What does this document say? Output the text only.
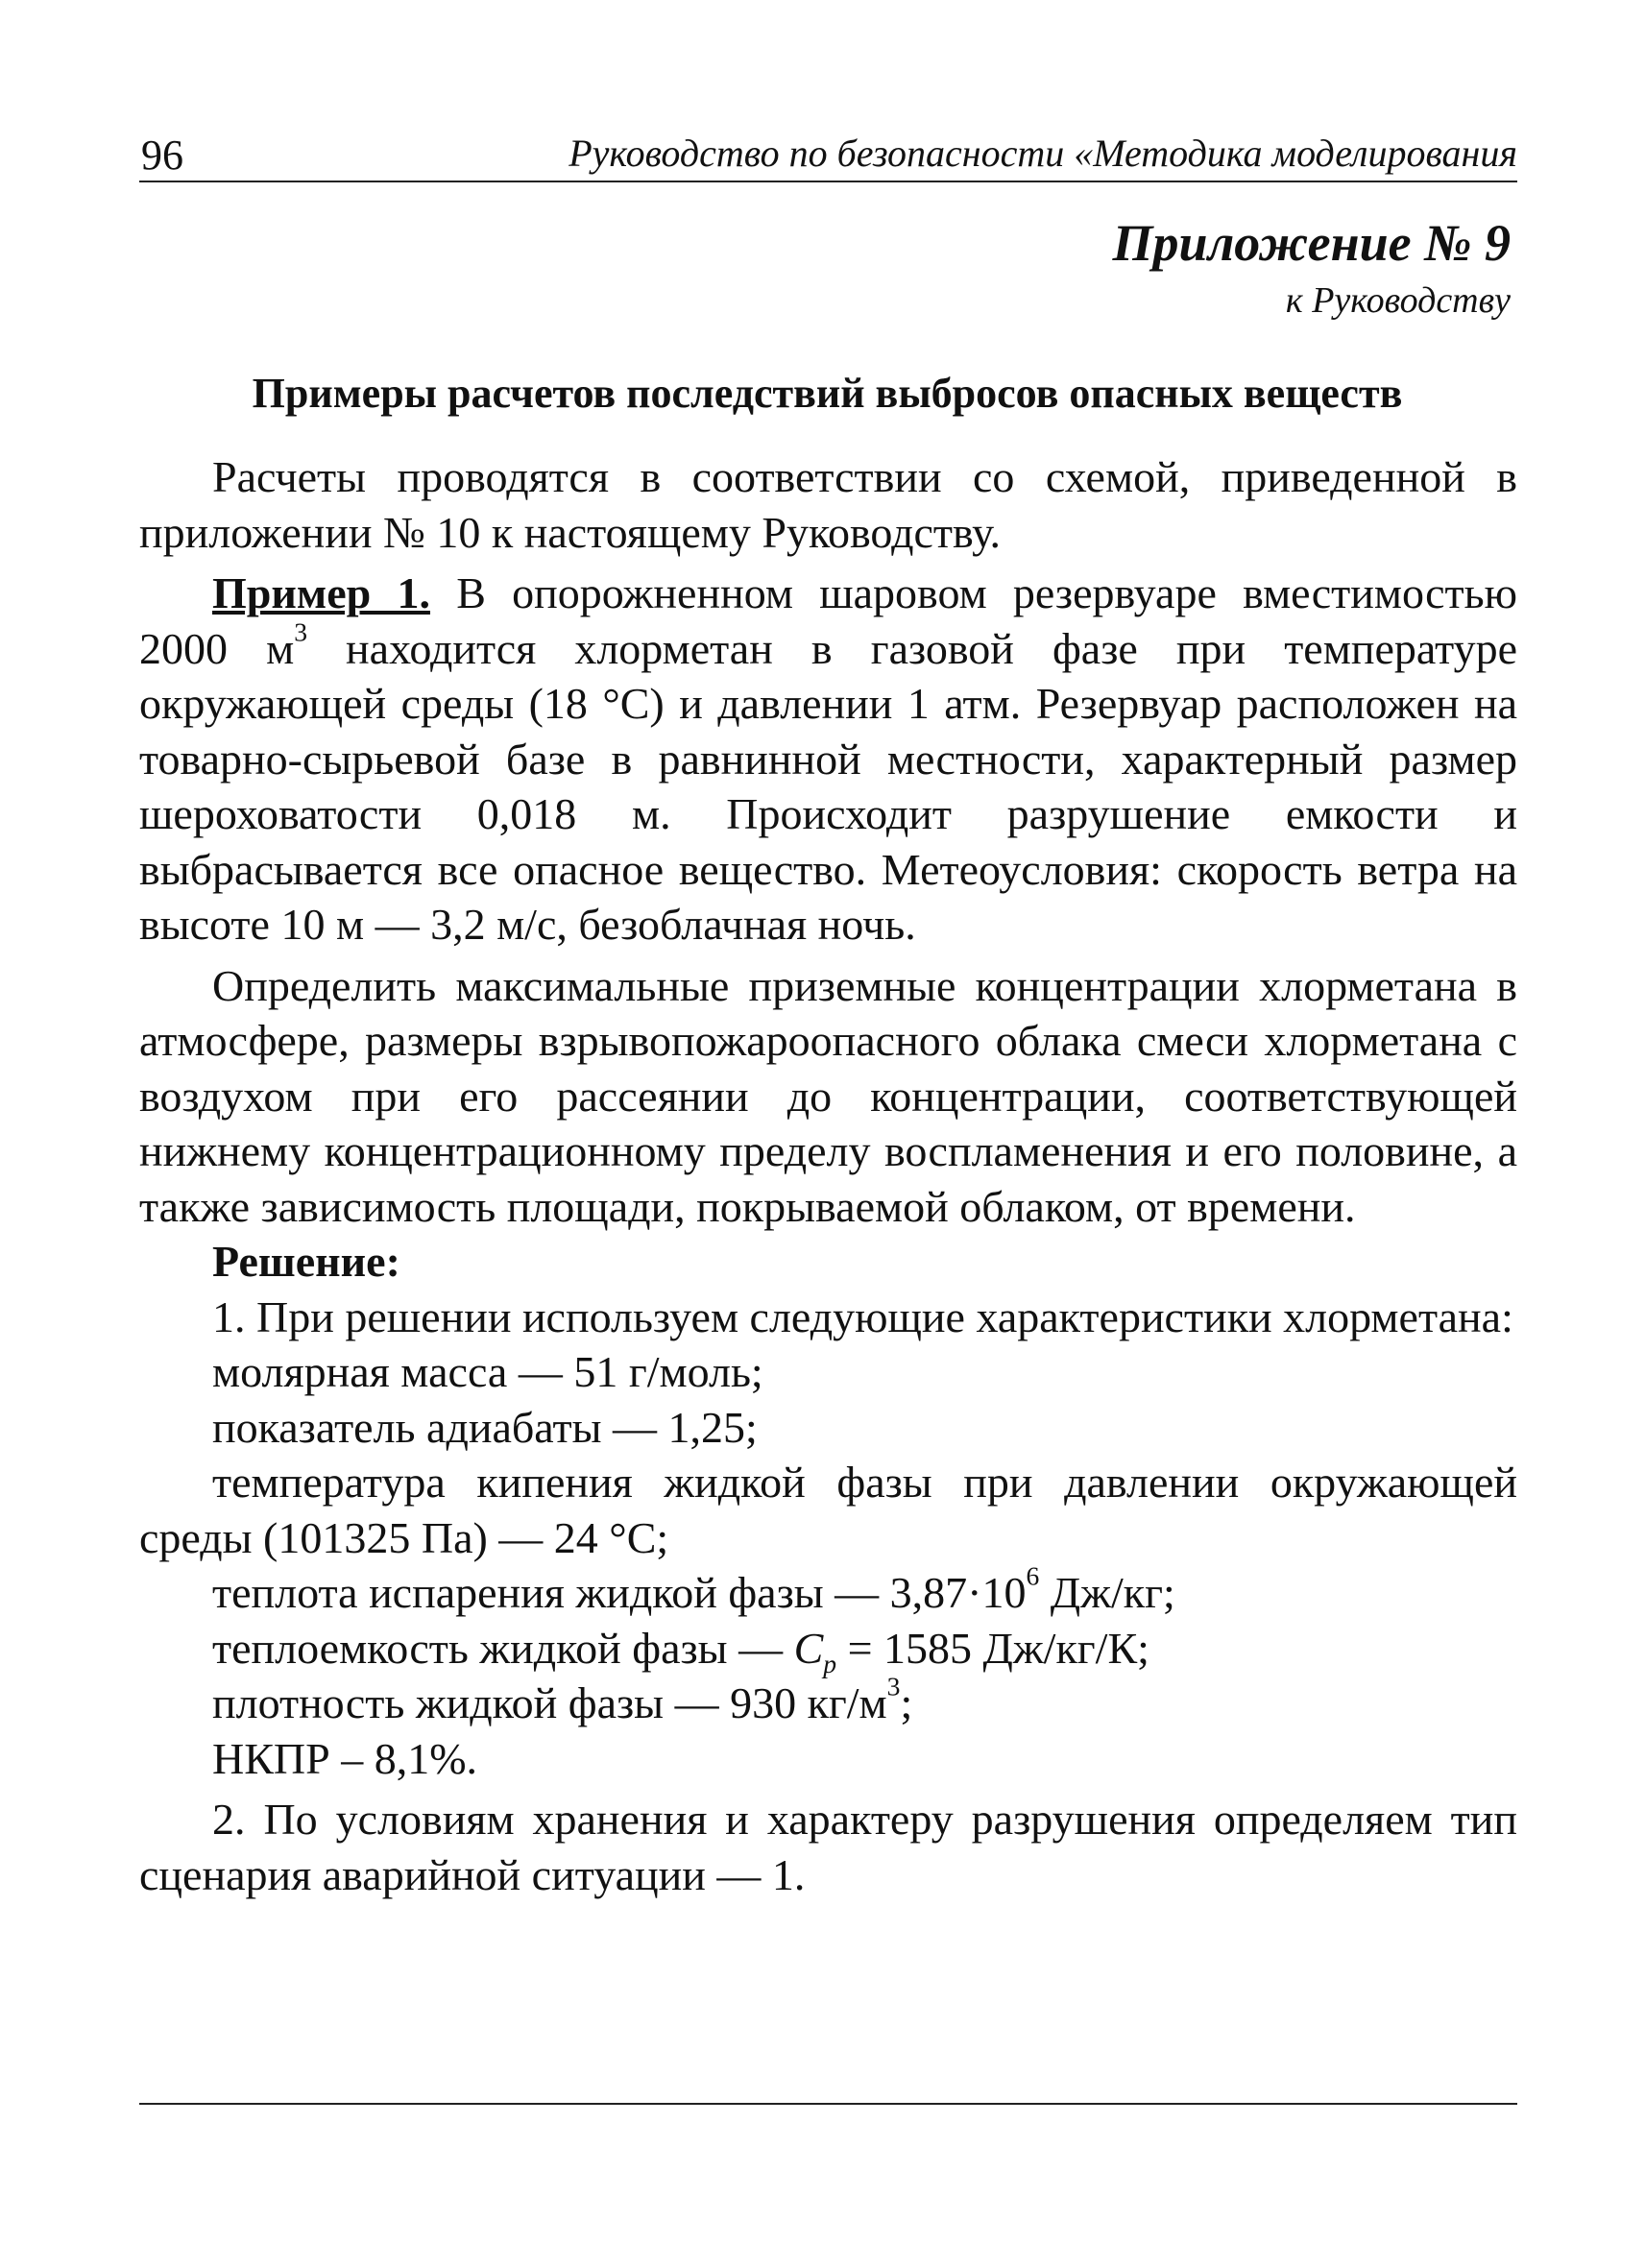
96	Руководство по безопасности «Методика моделирования
Приложение № 9
к Руководству
Примеры расчетов последствий выбросов опасных веществ

Расчеты проводятся в соответствии со схемой, приведенной в приложении № 10 к настоящему Руководству.

Пример 1. В опорожненном шаровом резервуаре вместимостью 2000 $м^3$ находится хлорметан в газовой фазе при температуре окружающей среды (18 °С) и давлении 1 атм. Резервуар расположен на товарно-сырьевой базе в равнинной местности, характерный размер шероховатости 0,018 м. Происходит разрушение емкости и выбрасывается все опасное вещество. Метеоусловия: скорость ветра на высоте 10 м — 3,2 м/с, безоблачная ночь.

Определить максимальные приземные концентрации хлорметана в атмосфере, размеры взрывопожароопасного облака смеси хлорметана с воздухом при его рассеянии до концентрации, соответствующей нижнему концентрационному пределу воспламенения и его половине, а также зависимость площади, покрываемой облаком, от времени.

Решение:

1. При решении используем следующие характеристики хлорметана:

молярная масса — 51 г/моль;

показатель адиабаты — 1,25;

температура кипения жидкой фазы при давлении окружающей среды (101325 Па) — 24 °С;

теплота испарения жидкой фазы — $3,87\cdot 10^6$ Дж/кг;

теплоемкость жидкой фазы — $C_p = 1585$ Дж/кг/К;

плотность жидкой фазы — 930 $кг/м^3$;

НКПР – 8,1%.

2. По условиям хранения и характеру разрушения определяем тип сценария аварийной ситуации — 1.
